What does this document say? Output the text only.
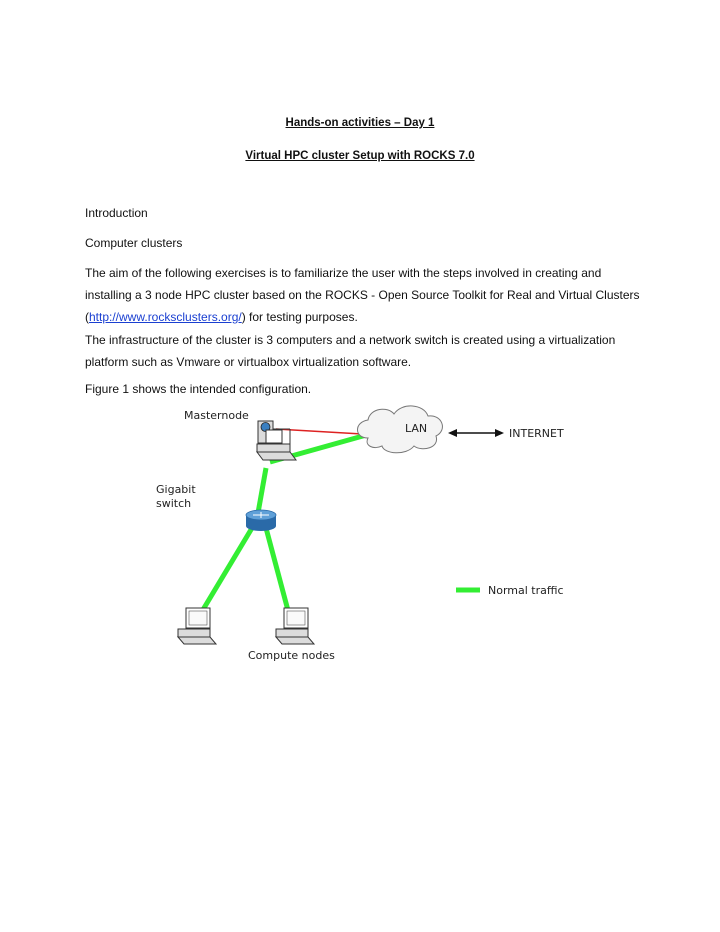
Hands-on activities – Day 1
Virtual HPC cluster Setup with ROCKS 7.0

Introduction

Computer clusters

The aim of the following exercises is to familiarize the user with the steps involved in creating and
installing a 3 node HPC cluster based on the ROCKS - Open Source Toolkit for Real and Virtual Clusters
(http://www.rocksclusters.org/) for testing purposes.
The infrastructure of the cluster is 3 computers and a network switch is created using a virtualization
platform such as Vmware or virtualbox virtualization software.

Figure 1 shows the intended configuration.

Masternode
LAN	INTERNET
Gigabit
switch
Normal traffic
Compute nodes
